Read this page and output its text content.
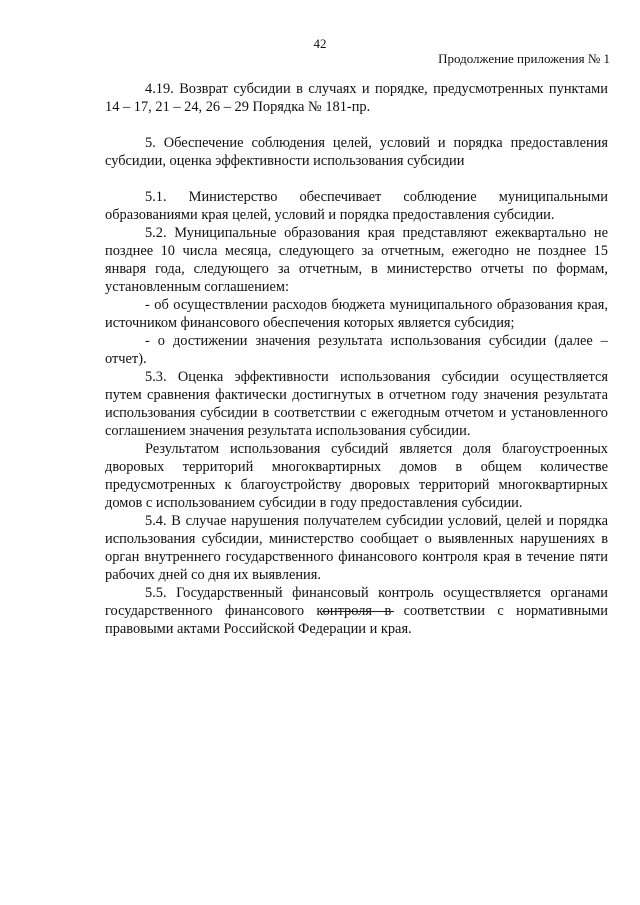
42
Продолжение приложения № 1

4.19. Возврат субсидии в случаях и порядке, предусмотренных пунктами 14 – 17, 21 – 24, 26 – 29 Порядка № 181-пр.

5. Обеспечение соблюдения целей, условий и порядка предоставления субсидии, оценка эффективности использования субсидии

5.1. Министерство обеспечивает соблюдение муниципальными образованиями края целей, условий и порядка предоставления субсидии.

5.2. Муниципальные образования края представляют ежеквартально не позднее 10 числа месяца, следующего за отчетным, ежегодно не позднее 15 января года, следующего за отчетным, в министерство отчеты по формам, установленным соглашением:

- об осуществлении расходов бюджета муниципального образования края, источником финансового обеспечения которых является субсидия;

- о достижении значения результата использования субсидии (далее – отчет).

5.3. Оценка эффективности использования субсидии осуществляется путем сравнения фактически достигнутых в отчетном году значения результата использования субсидии в соответствии с ежегодным отчетом и установленного соглашением значения результата использования субсидии.

Результатом использования субсидий является доля благоустроенных дворовых территорий многоквартирных домов в общем количестве предусмотренных к благоустройству дворовых территорий многоквартирных домов с использованием субсидии в году предоставления субсидии.

5.4. В случае нарушения получателем субсидии условий, целей и порядка использования субсидии, министерство сообщает о выявленных нарушениях в орган внутреннего государственного финансового контроля края в течение пяти рабочих дней со дня их выявления.

5.5. Государственный финансовый контроль осуществляется органами государственного финансового контроля в соответствии с нормативными правовыми актами Российской Федерации и края.
